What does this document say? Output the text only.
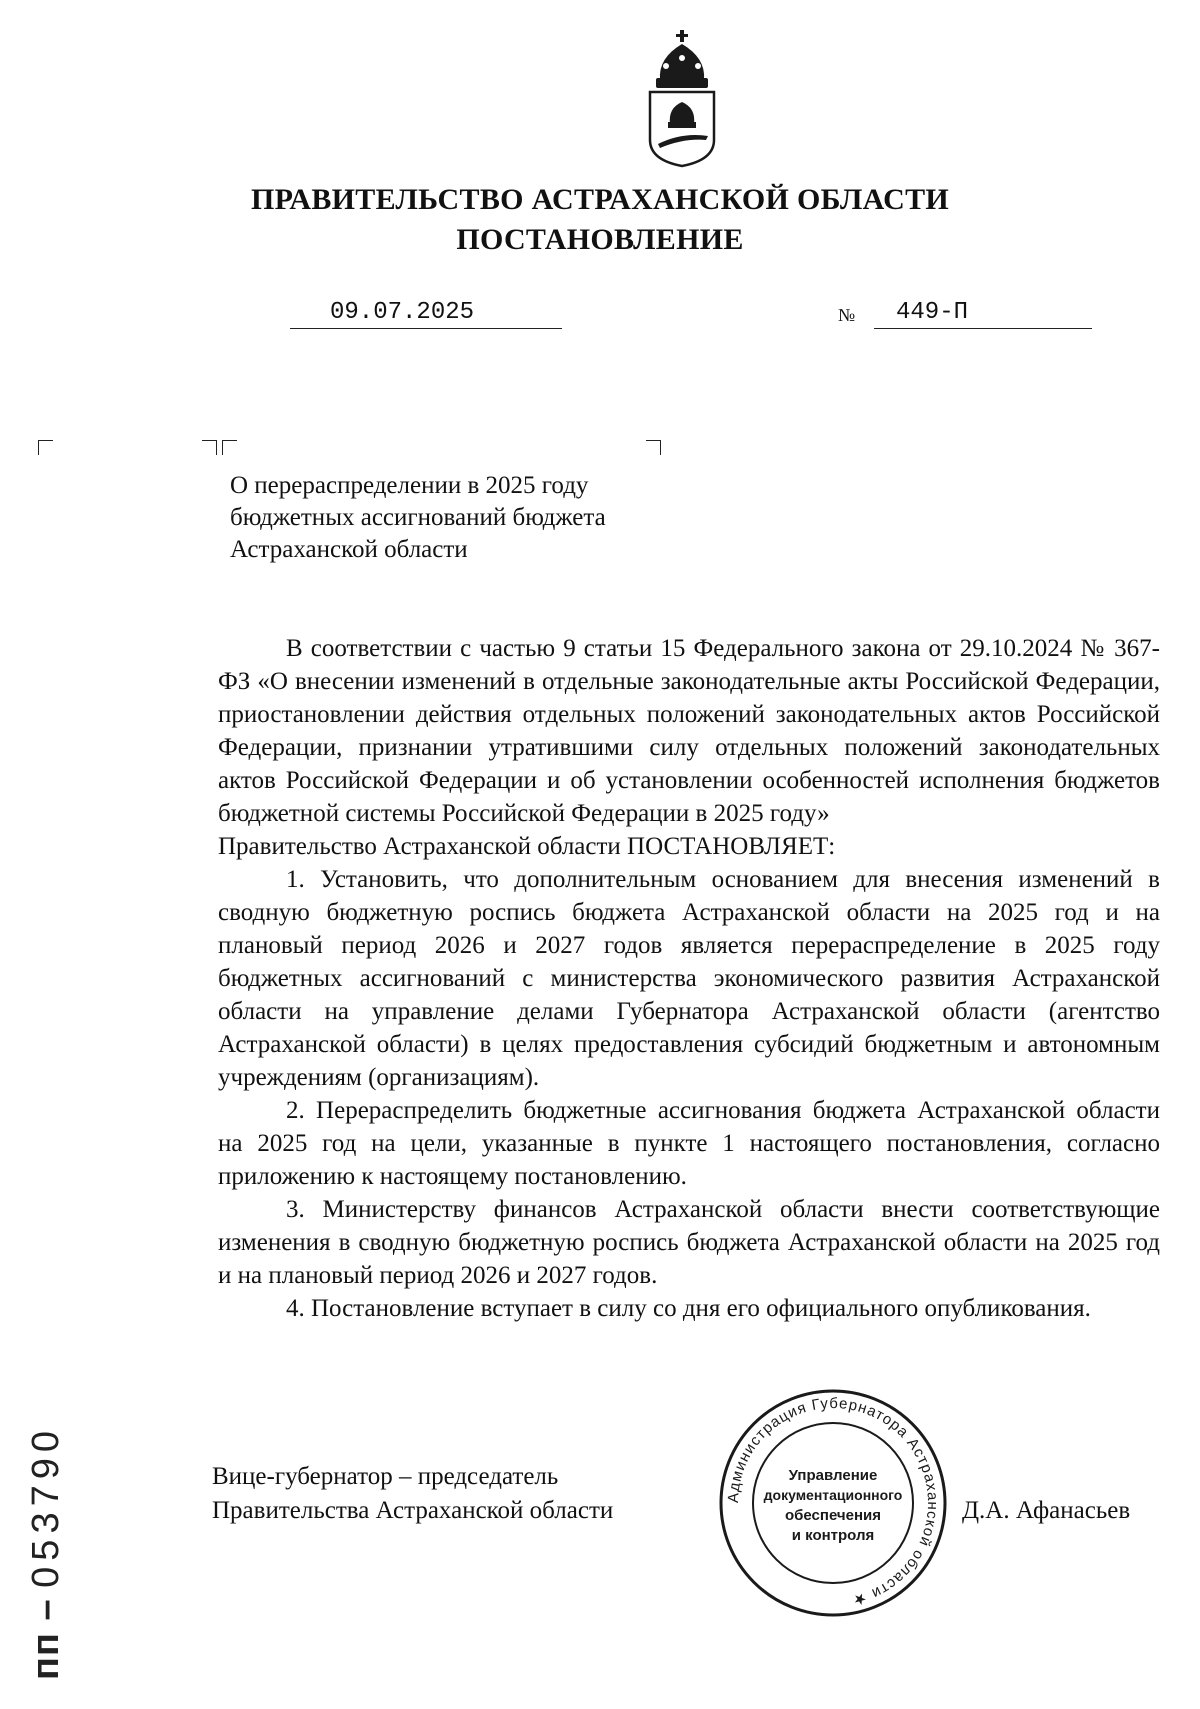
ПРАВИТЕЛЬСТВО АСТРАХАНСКОЙ ОБЛАСТИ
ПОСТАНОВЛЕНИЕ
09.07.2025	№ 449-П
О перераспределении в 2025 году
бюджетных ассигнований бюджета
Астраханской области

В соответствии с частью 9 статьи 15 Федерального закона от 29.10.2024 № 367-ФЗ «О внесении изменений в отдельные законодательные акты Российской Федерации, приостановлении действия отдельных положений законодательных актов Российской Федерации, признании утратившими силу отдельных положений законодательных актов Российской Федерации и об установлении особенностей исполнения бюджетов бюджетной системы Российской Федерации в 2025 году»

Правительство Астраханской области ПОСТАНОВЛЯЕТ:

1. Установить, что дополнительным основанием для внесения изменений в сводную бюджетную роспись бюджета Астраханской области на 2025 год и на плановый период 2026 и 2027 годов является перераспределение в 2025 году бюджетных ассигнований с министерства экономического развития Астраханской области на управление делами Губернатора Астраханской области (агентство Астраханской области) в целях предоставления субсидий бюджетным и автономным учреждениям (организациям).

2. Перераспределить бюджетные ассигнования бюджета Астраханской области на 2025 год на цели, указанные в пункте 1 настоящего постановления, согласно приложению к настоящему постановлению.

3. Министерству финансов Астраханской области внести соответствующие изменения в сводную бюджетную роспись бюджета Астраханской области на 2025 год и на плановый период 2026 и 2027 годов.

4. Постановление вступает в силу со дня его официального опубликования.

Вице-губернатор – председатель
Правительства Астраханской области	Администрация Губернатора Астраханской области ★
Управление
документационного
обеспечения
и контроля
Д.А. Афанасьев
пп – 053790
